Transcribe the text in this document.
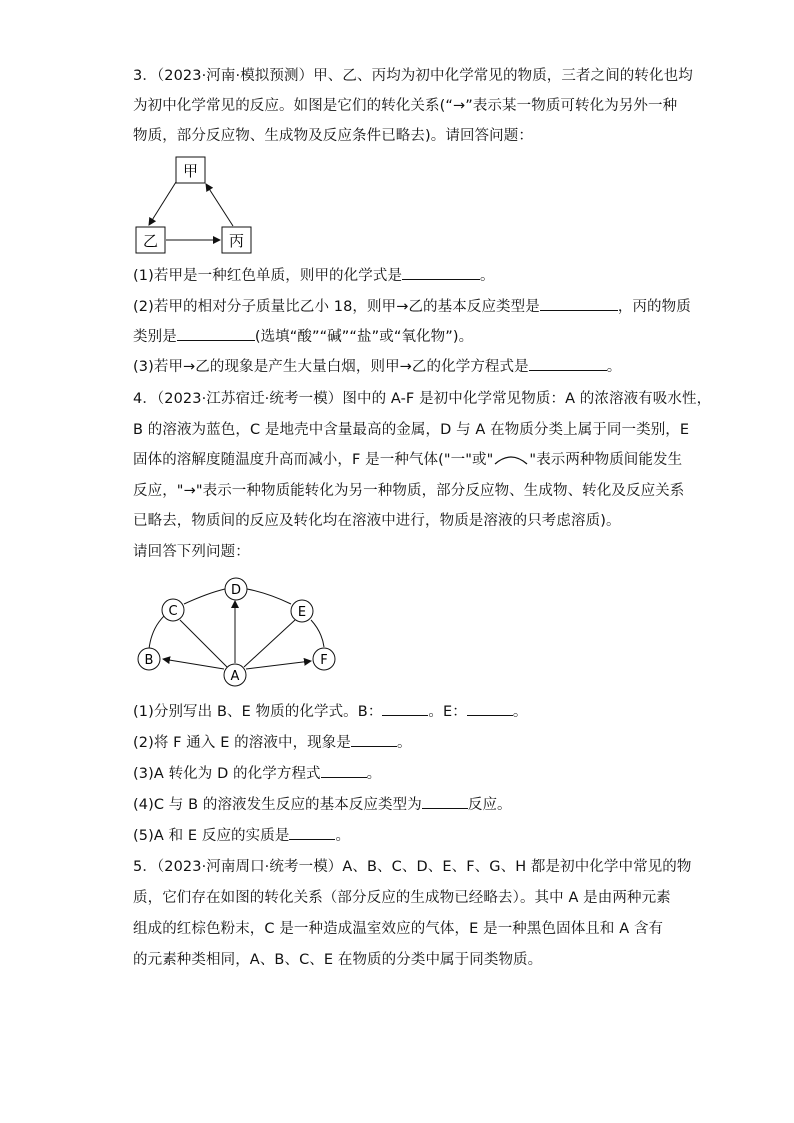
3．（2023·河南·模拟预测）甲、乙、丙均为初中化学常见的物质，三者之间的转化也均
为初中化学常见的反应。如图是它们的转化关系(“→”表示某一物质可转化为另外一种
物质，部分反应物、生成物及反应条件已略去)。请回答问题：
甲
乙	丙
(1)若甲是一种红色单质，则甲的化学式是	。
(2)若甲的相对分子质量比乙小 18，则甲→乙的基本反应类型是	，丙的物质
类别是	(选填“酸”“碱”“盐”或“氧化物”)。
(3)若甲→乙的现象是产生大量白烟，则甲→乙的化学方程式是	。
4．（2023·江苏宿迁·统考一模）图中的 A-F 是初中化学常见物质：A 的浓溶液有吸水性，
B 的溶液为蓝色，C 是地壳中含量最高的金属，D 与 A 在物质分类上属于同一类别，E
固体的溶解度随温度升高而减小，F 是一种气体("一"或" "表示两种物质间能发生
反应，"→"表示一种物质能转化为另一种物质，部分反应物、生成物、转化及反应关系
已略去，物质间的反应及转化均在溶液中进行，物质是溶液的只考虑溶质)。
请回答下列问题：
B
C
D
E
F
A
(1)分别写出 B、E 物质的化学式。B：	。E：	。
(2)将 F 通入 E 的溶液中，现象是	。
(3)A 转化为 D 的化学方程式	。
(4)C 与 B 的溶液发生反应的基本反应类型为	反应。
(5)A 和 E 反应的实质是	。
5．（2023·河南周口·统考一模）A、B、C、D、E、F、G、H 都是初中化学中常见的物
质，它们存在如图的转化关系（部分反应的生成物已经略去）。其中 A 是由两种元素
组成的红棕色粉末，C 是一种造成温室效应的气体，E 是一种黑色固体且和 A 含有
的元素种类相同，A、B、C、E 在物质的分类中属于同类物质。
